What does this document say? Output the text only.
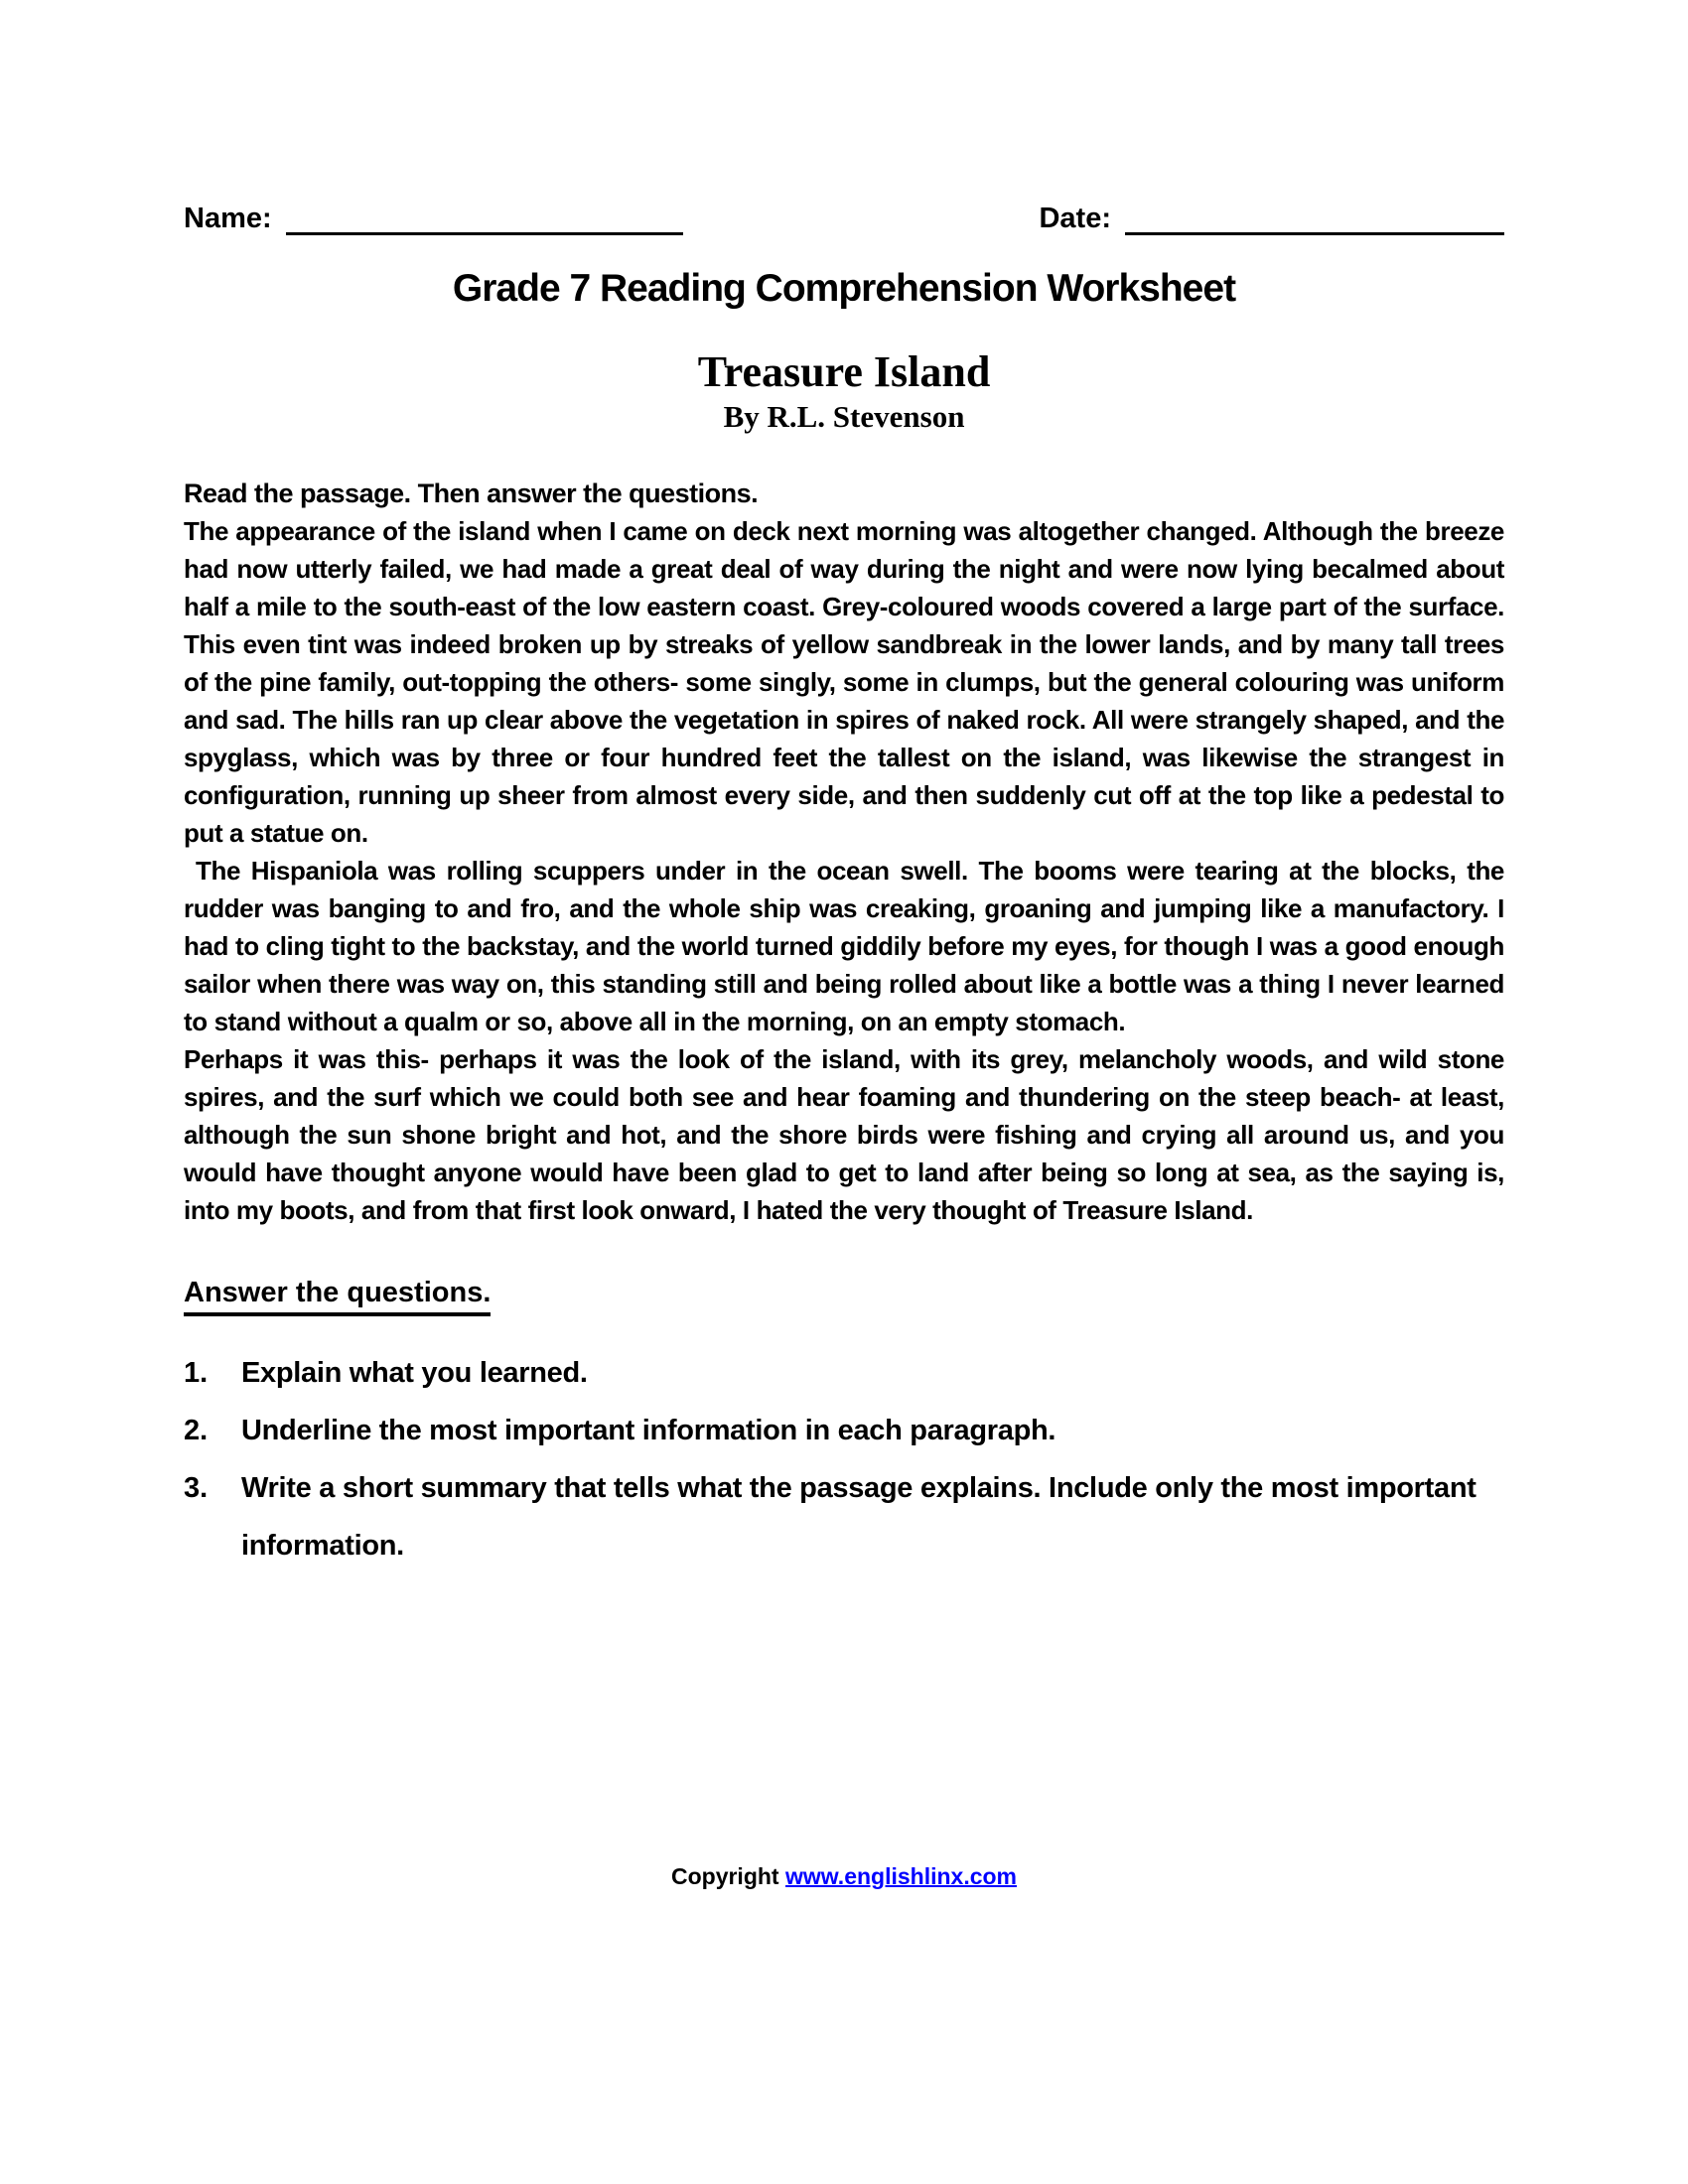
Name:	Date:
Grade 7 Reading Comprehension Worksheet
Treasure Island
By R.L. Stevenson
Read the passage. Then answer the questions.

The appearance of the island when I came on deck next morning was altogether changed. Although the breeze had now utterly failed, we had made a great deal of way during the night and were now lying becalmed about half a mile to the south-east of the low eastern coast. Grey-coloured woods covered a large part of the surface. This even tint was indeed broken up by streaks of yellow sandbreak in the lower lands, and by many tall trees of the pine family, out-topping the others- some singly, some in clumps, but the general colouring was uniform and sad. The hills ran up clear above the vegetation in spires of naked rock. All were strangely shaped, and the spyglass, which was by three or four hundred feet the tallest on the island, was likewise the strangest in configuration, running up sheer from almost every side, and then suddenly cut off at the top like a pedestal to put a statue on.

The Hispaniola was rolling scuppers under in the ocean swell. The booms were tearing at the blocks, the rudder was banging to and fro, and the whole ship was creaking, groaning and jumping like a manufactory. I had to cling tight to the backstay, and the world turned giddily before my eyes, for though I was a good enough sailor when there was way on, this standing still and being rolled about like a bottle was a thing I never learned to stand without a qualm or so, above all in the morning, on an empty stomach.

Perhaps it was this- perhaps it was the look of the island, with its grey, melancholy woods, and wild stone spires, and the surf which we could both see and hear foaming and thundering on the steep beach- at least, although the sun shone bright and hot, and the shore birds were fishing and crying all around us, and you would have thought anyone would have been glad to get to land after being so long at sea, as the saying is, into my boots, and from that first look onward, I hated the very thought of Treasure Island.

Answer the questions.
1.	Explain what you learned.
2.	Underline the most important information in each paragraph.
3.	Write a short summary that tells what the passage explains. Include only the most important information.
Copyright www.englishlinx.com
